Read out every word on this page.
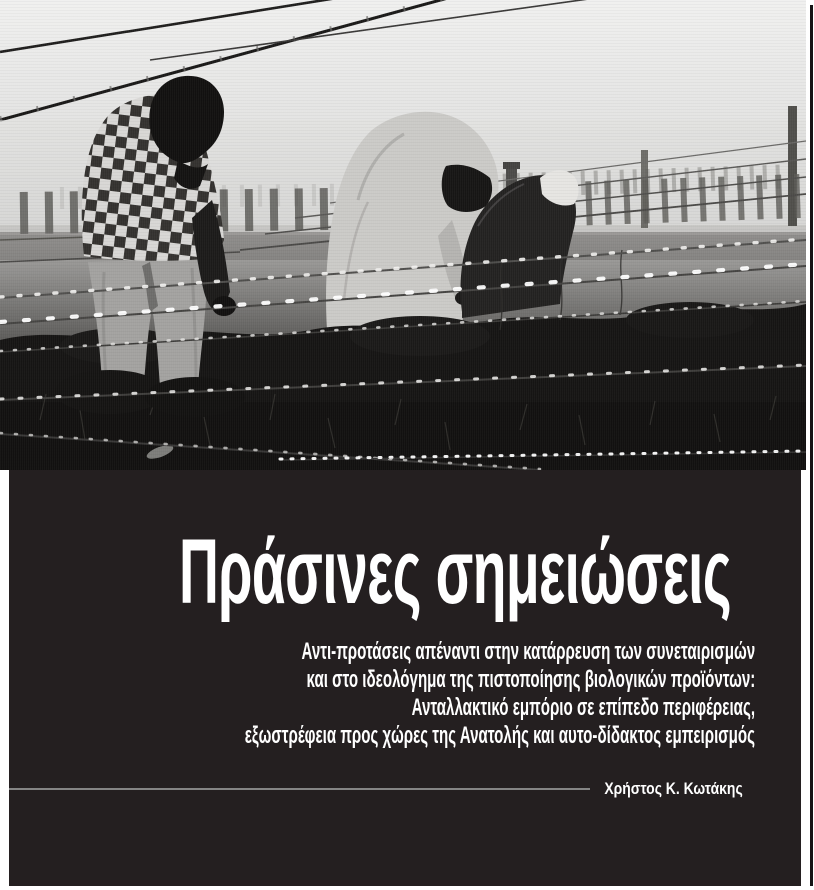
Πράσινες σημειώσεις
Αντι-προτάσεις απέναντι στην κατάρρευση των συνεταιρισμών
και στο ιδεολόγημα της πιστοποίησης βιολογικών προϊόντων:
Ανταλλακτικό εμπόριο σε επίπεδο περιφέρειας,
εξωστρέφεια προς χώρες της Ανατολής και αυτο-δίδακτος εμπειρισμός
Χρήστος Κ. Κωτάκης
